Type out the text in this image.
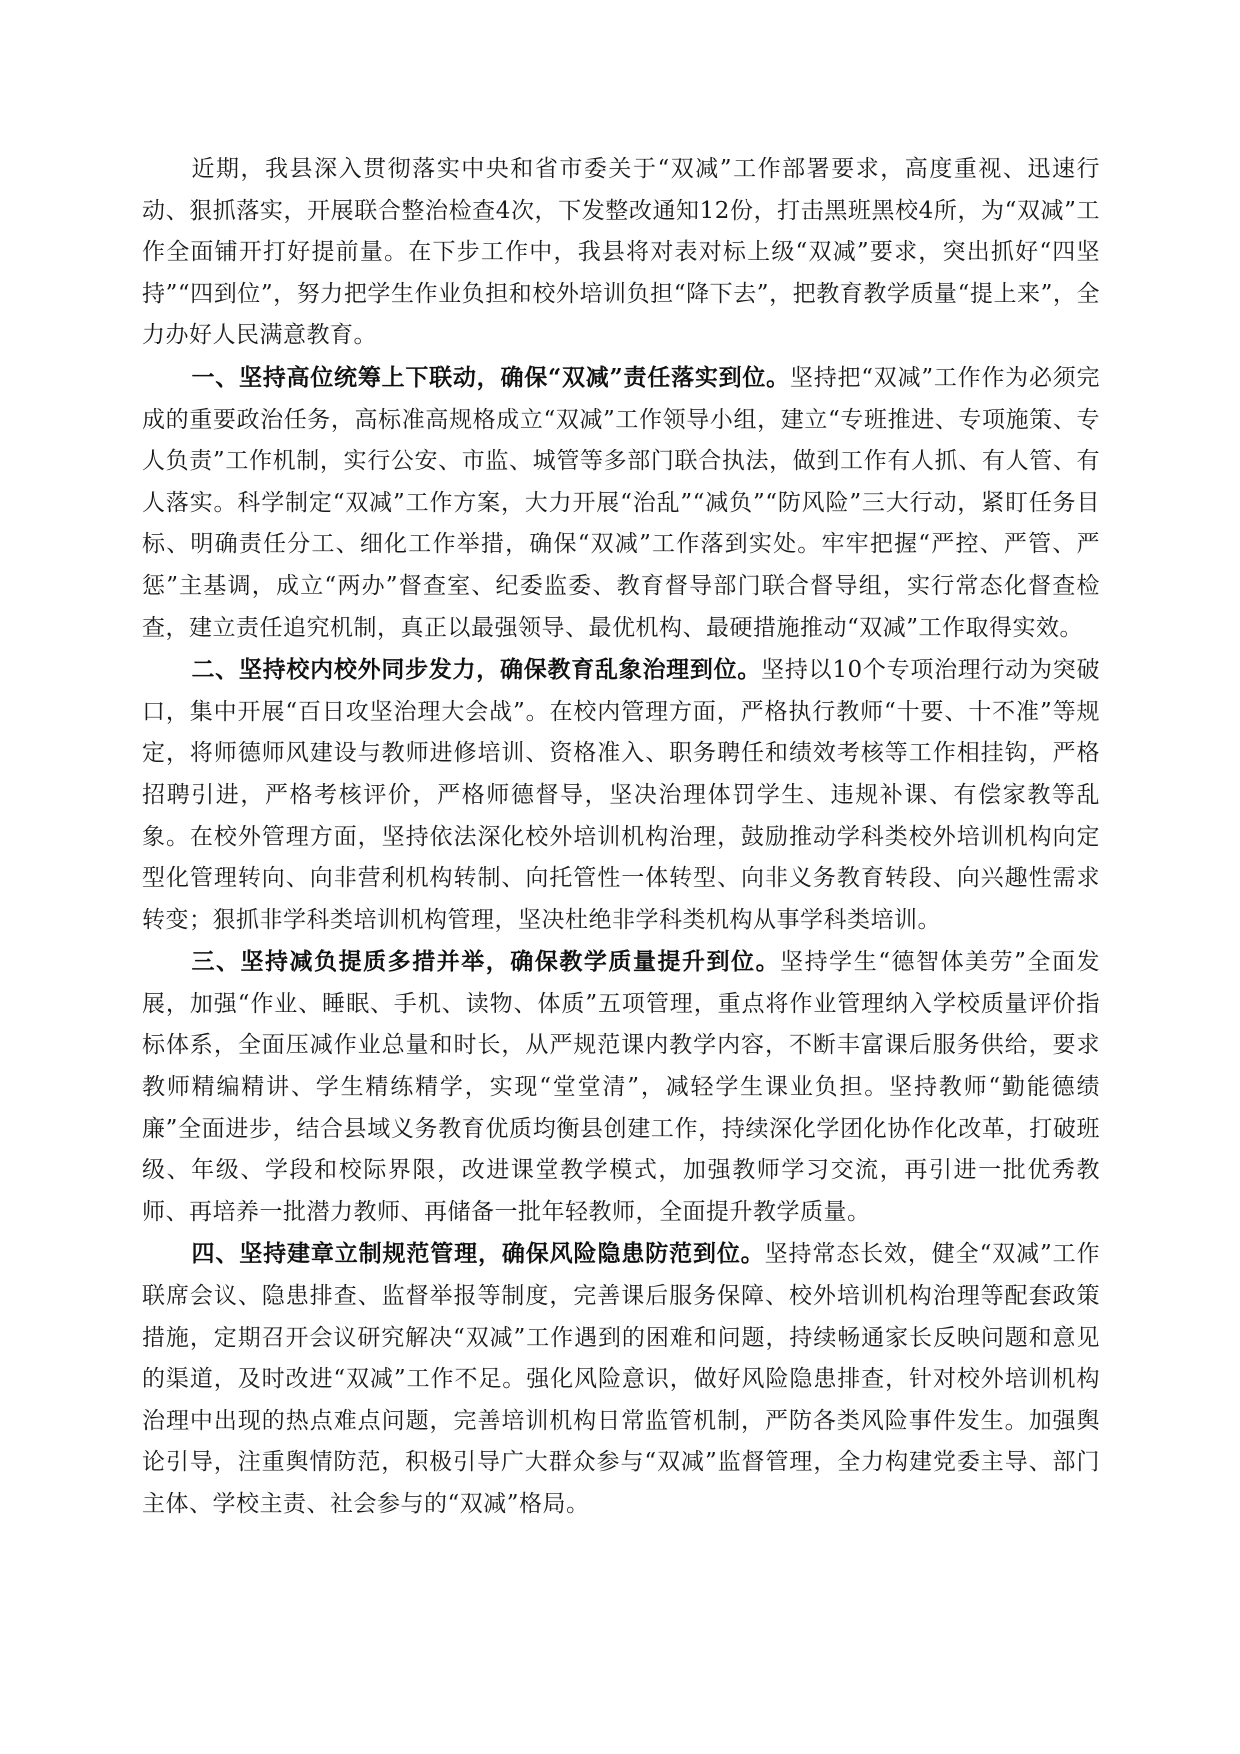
近期，我县深入贯彻落实中央和省市委关于“双减”工作部署要求，高度重视、迅速行动、狠抓落实，开展联合整治检查4次，下发整改通知12份，打击黑班黑校4所，为“双减”工作全面铺开打好提前量。在下步工作中，我县将对表对标上级“双减”要求，突出抓好“四坚持”“四到位”，努力把学生作业负担和校外培训负担“降下去”，把教育教学质量“提上来”，全力办好人民满意教育。

一、坚持高位统筹上下联动，确保“双减”责任落实到位。坚持把“双减”工作作为必须完成的重要政治任务，高标准高规格成立“双减”工作领导小组，建立“专班推进、专项施策、专人负责”工作机制，实行公安、市监、城管等多部门联合执法，做到工作有人抓、有人管、有人落实。科学制定“双减”工作方案，大力开展“治乱”“减负”“防风险”三大行动，紧盯任务目标、明确责任分工、细化工作举措，确保“双减”工作落到实处。牢牢把握“严控、严管、严惩”主基调，成立“两办”督查室、纪委监委、教育督导部门联合督导组，实行常态化督查检查，建立责任追究机制，真正以最强领导、最优机构、最硬措施推动“双减”工作取得实效。

二、坚持校内校外同步发力，确保教育乱象治理到位。坚持以10个专项治理行动为突破口，集中开展“百日攻坚治理大会战”。在校内管理方面，严格执行教师“十要、十不准”等规定，将师德师风建设与教师进修培训、资格准入、职务聘任和绩效考核等工作相挂钩，严格招聘引进，严格考核评价，严格师德督导，坚决治理体罚学生、违规补课、有偿家教等乱象。在校外管理方面，坚持依法深化校外培训机构治理，鼓励推动学科类校外培训机构向定型化管理转向、向非营利机构转制、向托管性一体转型、向非义务教育转段、向兴趣性需求转变；狠抓非学科类培训机构管理，坚决杜绝非学科类机构从事学科类培训。

三、坚持减负提质多措并举，确保教学质量提升到位。坚持学生“德智体美劳”全面发展，加强“作业、睡眠、手机、读物、体质”五项管理，重点将作业管理纳入学校质量评价指标体系，全面压减作业总量和时长，从严规范课内教学内容，不断丰富课后服务供给，要求教师精编精讲、学生精练精学，实现“堂堂清”，减轻学生课业负担。坚持教师“勤能德绩廉”全面进步，结合县域义务教育优质均衡县创建工作，持续深化学团化协作化改革，打破班级、年级、学段和校际界限，改进课堂教学模式，加强教师学习交流，再引进一批优秀教师、再培养一批潜力教师、再储备一批年轻教师，全面提升教学质量。

四、坚持建章立制规范管理，确保风险隐患防范到位。坚持常态长效，健全“双减”工作联席会议、隐患排查、监督举报等制度，完善课后服务保障、校外培训机构治理等配套政策措施，定期召开会议研究解决“双减”工作遇到的困难和问题，持续畅通家长反映问题和意见的渠道，及时改进“双减”工作不足。强化风险意识，做好风险隐患排查，针对校外培训机构治理中出现的热点难点问题，完善培训机构日常监管机制，严防各类风险事件发生。加强舆论引导，注重舆情防范，积极引导广大群众参与“双减”监督管理，全力构建党委主导、部门主体、学校主责、社会参与的“双减”格局。
